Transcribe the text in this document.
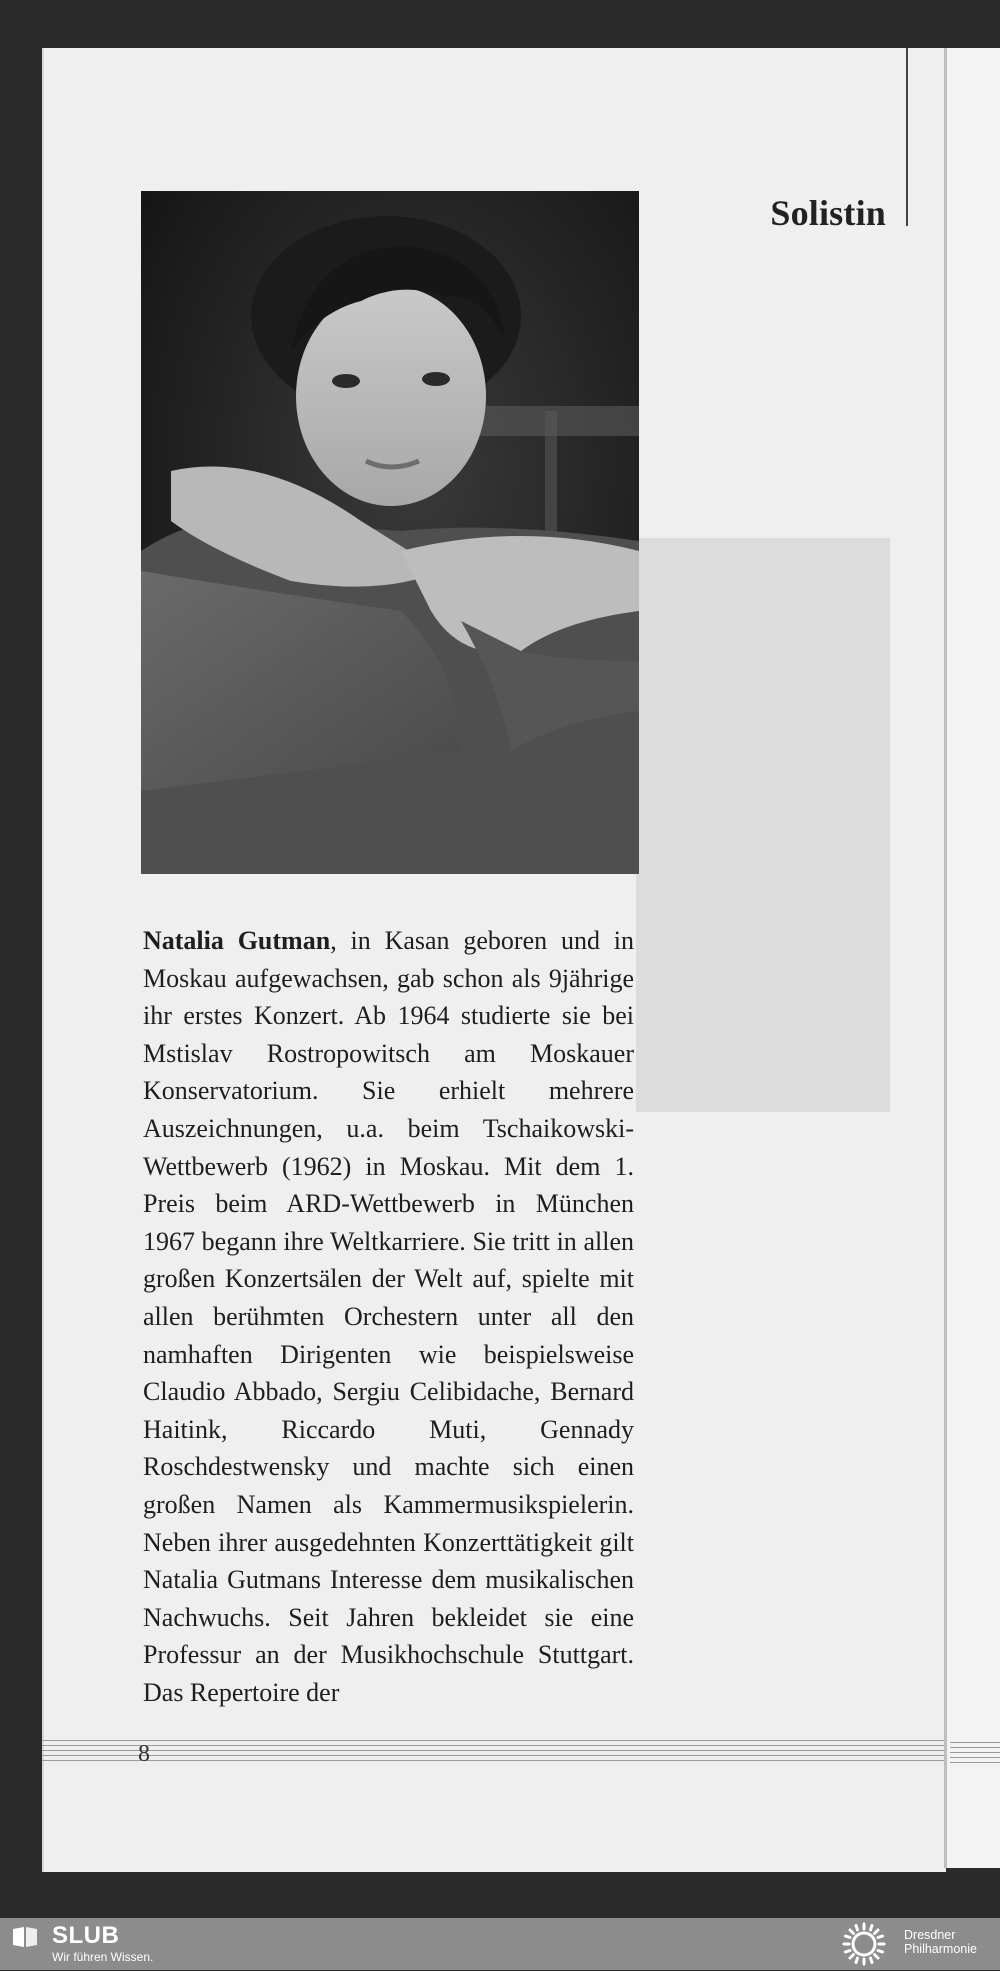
Solistin

Natalia Gutman, in Kasan geboren und in Moskau aufgewachsen, gab schon als 9jährige ihr erstes Konzert. Ab 1964 studierte sie bei Mstislav Rostropowitsch am Moskauer Konservatorium. Sie erhielt mehrere Auszeichnungen, u.a. beim Tschaikowski-Wettbewerb (1962) in Moskau. Mit dem 1. Preis beim ARD-Wettbewerb in München 1967 begann ihre Weltkarriere. Sie tritt in allen großen Konzertsälen der Welt auf, spielte mit allen berühmten Orchestern unter all den namhaften Dirigenten wie beispielsweise Claudio Abbado, Sergiu Celibidache, Bernard Haitink, Riccardo Muti, Gennady Roschdestwensky und machte sich einen großen Namen als Kammermusikspielerin. Neben ihrer ausgedehnten Konzerttätigkeit gilt Natalia Gutmans Interesse dem musikalischen Nachwuchs. Seit Jahren bekleidet sie eine Professur an der Musikhochschule Stuttgart. Das Repertoire der

8
SLUB
Wir führen Wissen.
Dresdner
Philharmonie
